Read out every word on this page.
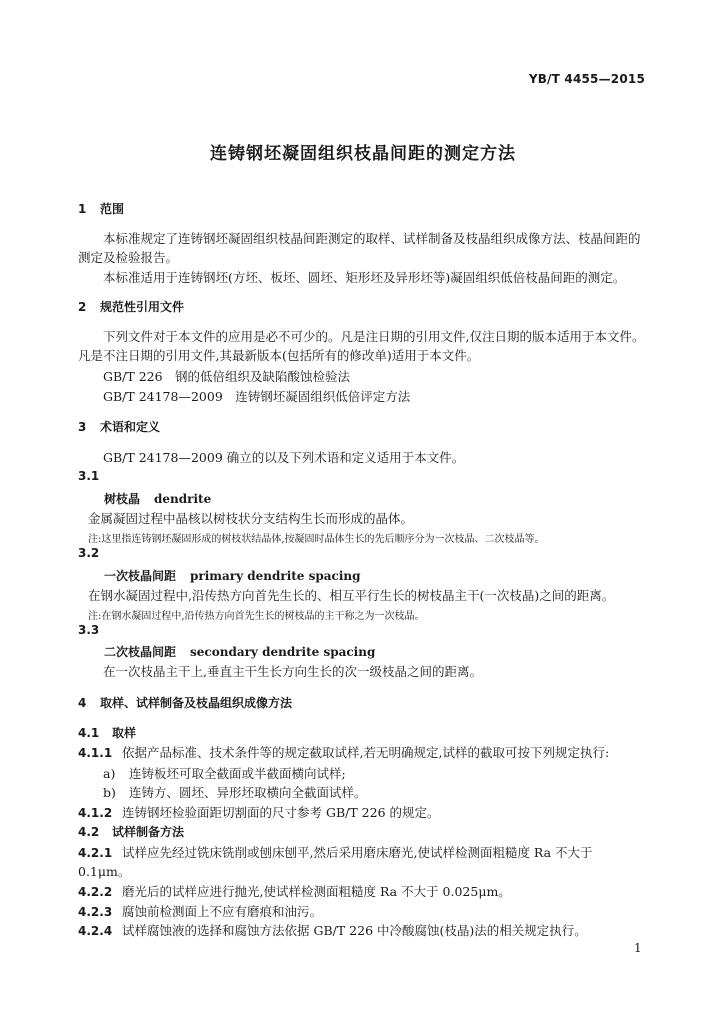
YB/T 4455—2015
连铸钢坯凝固组织枝晶间距的测定方法
1 范围
本标准规定了连铸钢坯凝固组织枝晶间距测定的取样、试样制备及枝晶组织成像方法、枝晶间距的测定及检验报告。
本标准适用于连铸钢坯(方坯、板坯、圆坯、矩形坯及异形坯等)凝固组织低倍枝晶间距的测定。
2 规范性引用文件
下列文件对于本文件的应用是必不可少的。凡是注日期的引用文件,仅注日期的版本适用于本文件。凡是不注日期的引用文件,其最新版本(包括所有的修改单)适用于本文件。
GB/T 226　钢的低倍组织及缺陷酸蚀检验法
GB/T 24178—2009　连铸钢坯凝固组织低倍评定方法
3 术语和定义
GB/T 24178—2009 确立的以及下列术语和定义适用于本文件。
3.1
树枝晶 dendrite
金属凝固过程中晶核以树枝状分支结构生长而形成的晶体。
注:这里指连铸钢坯凝固形成的树枝状结晶体,按凝固时晶体生长的先后顺序分为一次枝晶、二次枝晶等。
3.2
一次枝晶间距 primary dendrite spacing
在钢水凝固过程中,沿传热方向首先生长的、相互平行生长的树枝晶主干(一次枝晶)之间的距离。
注:在钢水凝固过程中,沿传热方向首先生长的树枝晶的主干称之为一次枝晶。
3.3
二次枝晶间距 secondary dendrite spacing
在一次枝晶主干上,垂直主干生长方向生长的次一级枝晶之间的距离。
4 取样、试样制备及枝晶组织成像方法
4.1 取样
4.1.1 依据产品标准、技术条件等的规定截取试样,若无明确规定,试样的截取可按下列规定执行:
a) 连铸板坯可取全截面或半截面横向试样;
b) 连铸方、圆坯、异形坯取横向全截面试样。
4.1.2 连铸钢坯检验面距切割面的尺寸参考 GB/T 226 的规定。
4.2 试样制备方法
4.2.1 试样应先经过铣床铣削或刨床刨平,然后采用磨床磨光,使试样检测面粗糙度 Ra 不大于
0.1μm。
4.2.2 磨光后的试样应进行抛光,使试样检测面粗糙度 Ra 不大于 0.025μm。
4.2.3 腐蚀前检测面上不应有磨痕和油污。
4.2.4 试样腐蚀液的选择和腐蚀方法依据 GB/T 226 中冷酸腐蚀(枝晶)法的相关规定执行。
1
